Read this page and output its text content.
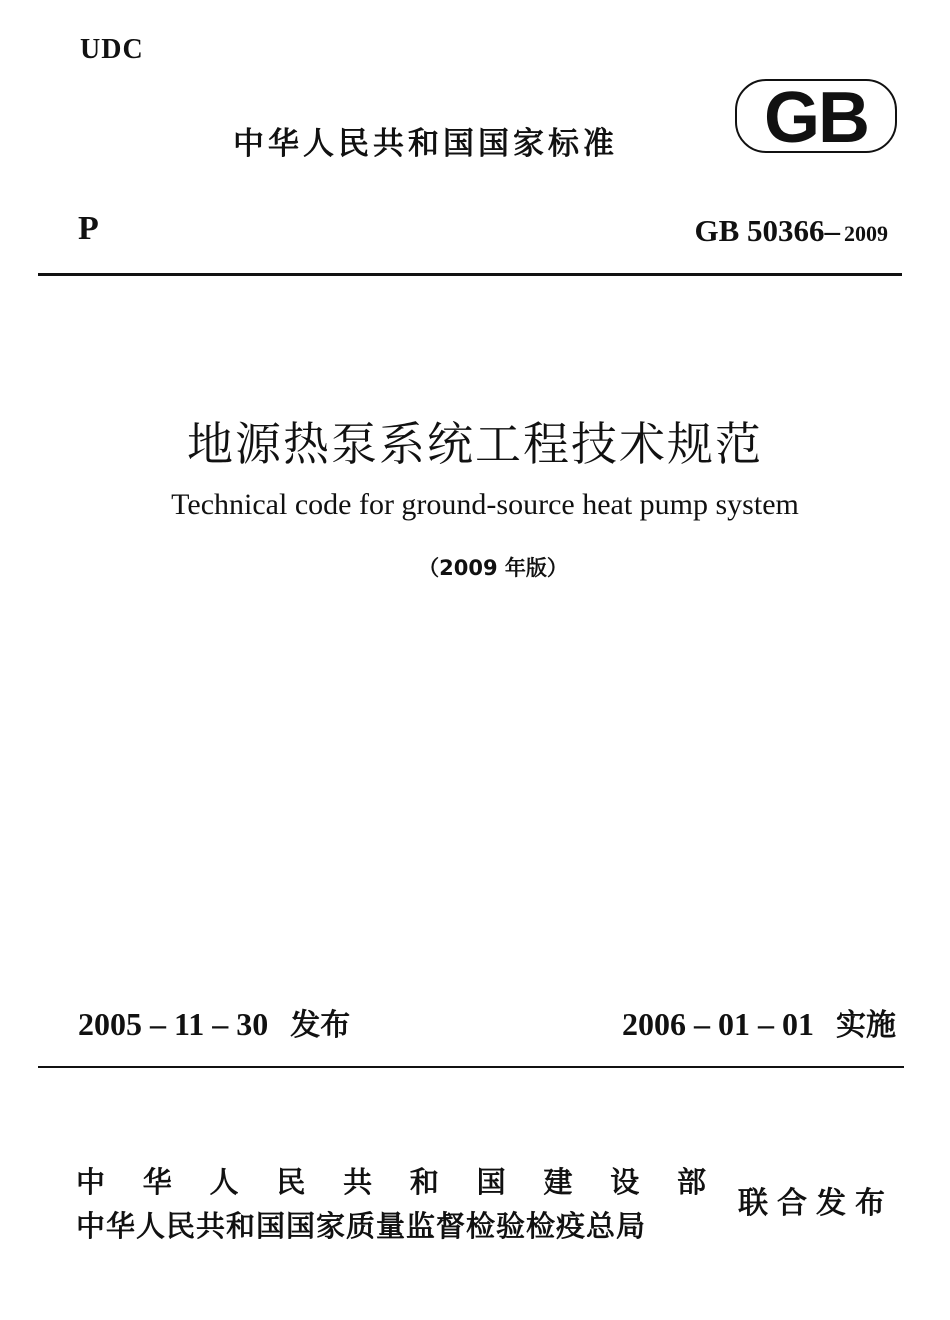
UDC
中华人民共和国国家标准 GB
P	GB 50366– 2009
地源热泵系统工程技术规范
Technical code for ground-source heat pump system
（2009 年版）
2005 – 11 – 30 发布	2006 – 01 – 01 实施
中 华 人 民 共 和 国 建 设 部
中华人民共和国国家质量监督检验检疫总局
联合发布
